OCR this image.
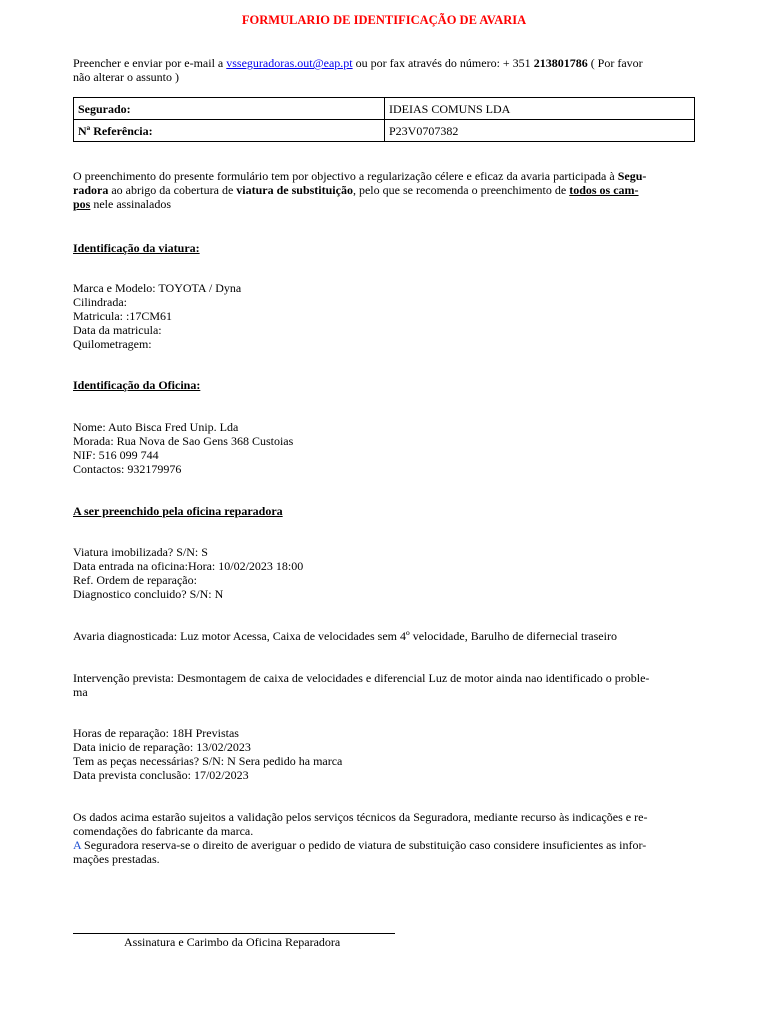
FORMULARIO DE IDENTIFICAÇÃO DE AVARIA
Preencher e enviar por e-mail a vsseguradoras.out@eap.pt ou por fax através do número: + 351 213801786 ( Por favor
não alterar o assunto )
Segurado:	IDEIAS COMUNS LDA
Nª Referência:	P23V0707382
O preenchimento do presente formulário tem por objectivo a regularização célere e eficaz da avaria participada à Segu-
radora ao abrigo da cobertura de viatura de substituição, pelo que se recomenda o preenchimento de todos os cam-
pos nele assinalados
Identificação da viatura:
Marca e Modelo: TOYOTA / Dyna
Cilindrada:
Matricula: :17CM61
Data da matricula:
Quilometragem:
Identificação da Oficina:
Nome: Auto Bisca Fred Unip. Lda
Morada: Rua Nova de Sao Gens 368 Custoias
NIF: 516 099 744
Contactos: 932179976
A ser preenchido pela oficina reparadora
Viatura imobilizada? S/N: S
Data entrada na oficina:Hora: 10/02/2023 18:00
Ref. Ordem de reparação:
Diagnostico concluido? S/N: N
Avaria diagnosticada: Luz motor Acessa, Caixa de velocidades sem 4º velocidade, Barulho de difernecial traseiro
Intervenção prevista: Desmontagem de caixa de velocidades e diferencial Luz de motor ainda nao identificado o proble-
ma
Horas de reparação: 18H Previstas
Data inicio de reparação: 13/02/2023
Tem as peças necessárias? S/N: N Sera pedido ha marca
Data prevista conclusão: 17/02/2023
Os dados acima estarão sujeitos a validação pelos serviços técnicos da Seguradora, mediante recurso às indicações e re-
comendações do fabricante da marca.
A Seguradora reserva-se o direito de averiguar o pedido de viatura de substituição caso considere insuficientes as infor-
mações prestadas.
Assinatura e Carimbo da Oficina Reparadora
